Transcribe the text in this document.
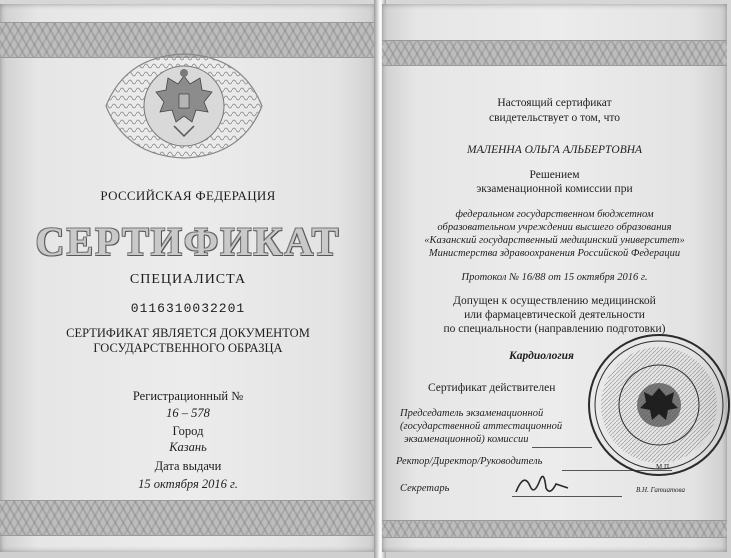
РОССИЙСКАЯ ФЕДЕРАЦИЯ
СЕРТИФИКАТ
СПЕЦИАЛИСТА
0116310032201
СЕРТИФИКАТ ЯВЛЯЕТСЯ ДОКУМЕНТОМ
ГОСУДАРСТВЕННОГО ОБРАЗЦА
Регистрационный №
16 – 578
Город
Казань
Дата выдачи
15 октября 2016 г.
Настоящий сертификат
свидетельствует о том, что
МАЛЕННА ОЛЬГА АЛЬБЕРТОВНА
Решением
экзаменационной комиссии при
федеральном государственном бюджетном
образовательном учреждении высшего образования
«Казанский государственный медицинский университет»
Министерства здравоохранения Российской Федерации
Протокол № 16/88 от 15 октября 2016 г.
Допущен к осуществлению медицинской
или фармацевтической деятельности
по специальности (направлению подготовки)
Кардиология
Сертификат действителен
Председатель экзаменационной
(государственной аттестационной
экзаменационной) комиссии
Ректор/Директор/Руководитель
Секретарь	В.Н. Гатиатова
М.П.
